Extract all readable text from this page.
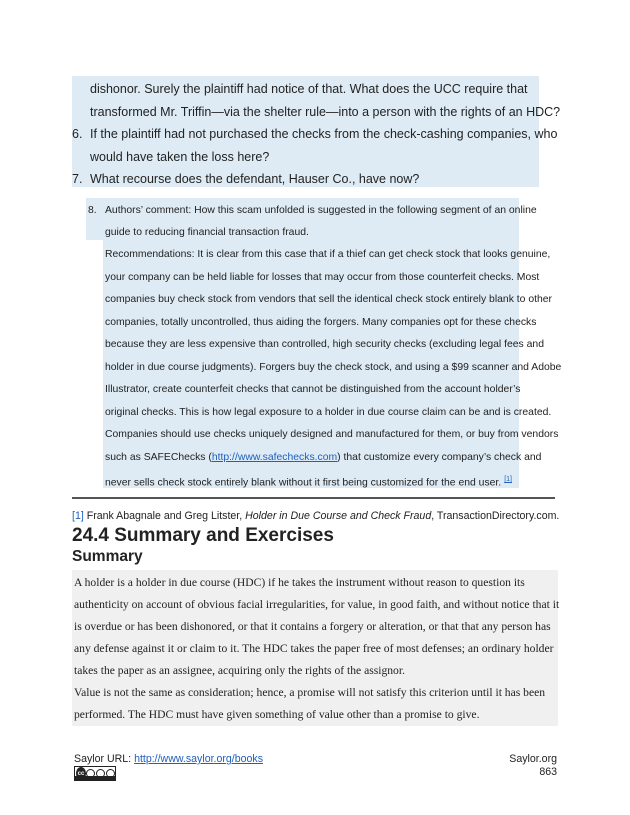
dishonor. Surely the plaintiff had notice of that. What does the UCC require that
transformed Mr. Triffin—via the shelter rule—into a person with the rights of an HDC?
6. If the plaintiff had not purchased the checks from the check-cashing companies, who
would have taken the loss here?
7. What recourse does the defendant, Hauser Co., have now?
8. Authors’ comment: How this scam unfolded is suggested in the following segment of an online
guide to reducing financial transaction fraud.
Recommendations: It is clear from this case that if a thief can get check stock that looks genuine,
your company can be held liable for losses that may occur from those counterfeit checks. Most
companies buy check stock from vendors that sell the identical check stock entirely blank to other
companies, totally uncontrolled, thus aiding the forgers. Many companies opt for these checks
because they are less expensive than controlled, high security checks (excluding legal fees and
holder in due course judgments). Forgers buy the check stock, and using a $99 scanner and Adobe
Illustrator, create counterfeit checks that cannot be distinguished from the account holder’s
original checks. This is how legal exposure to a holder in due course claim can be and is created.
Companies should use checks uniquely designed and manufactured for them, or buy from vendors
such as SAFEChecks (http://www.safechecks.com) that customize every company’s check and
never sells check stock entirely blank without it first being customized for the end user. [1]
[1] Frank Abagnale and Greg Litster, Holder in Due Course and Check Fraud, TransactionDirectory.com.
24.4 Summary and Exercises
Summary
A holder is a holder in due course (HDC) if he takes the instrument without reason to question its
authenticity on account of obvious facial irregularities, for value, in good faith, and without notice that it
is overdue or has been dishonored, or that it contains a forgery or alteration, or that that any person has
any defense against it or claim to it. The HDC takes the paper free of most defenses; an ordinary holder
takes the paper as an assignee, acquiring only the rights of the assignor.
Value is not the same as consideration; hence, a promise will not satisfy this criterion until it has been
performed. The HDC must have given something of value other than a promise to give.
Saylor URL: http://www.saylor.org/books	Saylor.org
863
cc
